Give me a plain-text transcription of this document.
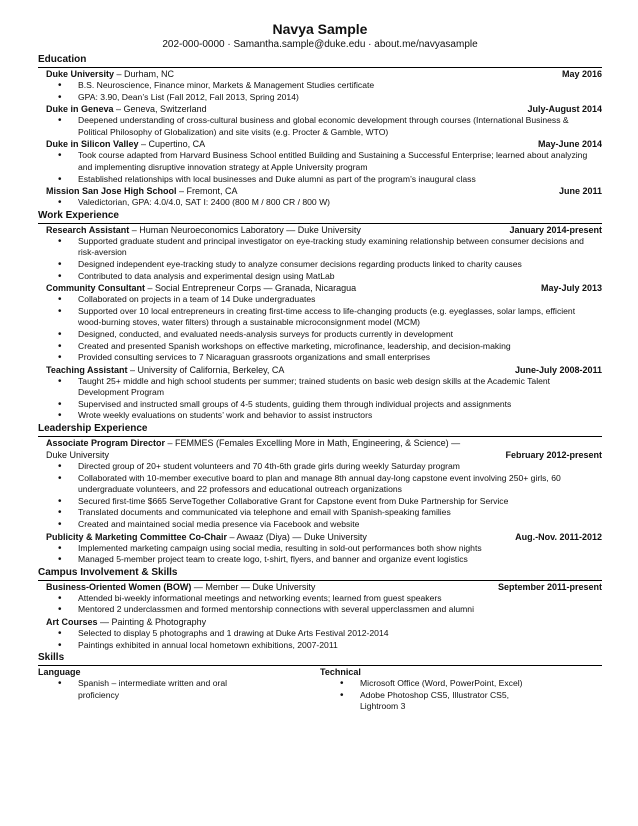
Navya Sample
202-000-0000 · Samantha.sample@duke.edu · about.me/navyasample
Education
Duke University – Durham, NC	May 2016
• B.S. Neuroscience, Finance minor, Markets & Management Studies certificate
• GPA: 3.90, Dean’s List (Fall 2012, Fall 2013, Spring 2014)
Duke in Geneva – Geneva, Switzerland	July-August 2014
• Deepened understanding of cross-cultural business and global economic development through courses (International Business & Political Philosophy of Globalization) and site visits (e.g. Procter & Gamble, WTO)
Duke in Silicon Valley – Cupertino, CA	May-June 2014
• Took course adapted from Harvard Business School entitled Building and Sustaining a Successful Enterprise; learned about analyzing and implementing disruptive innovation strategy at Apple University program
• Established relationships with local businesses and Duke alumni as part of the program’s inaugural class
Mission San Jose High School – Fremont, CA	June 2011
• Valedictorian, GPA: 4.0/4.0, SAT I: 2400 (800 M / 800 CR / 800 W)
Work Experience
Research Assistant – Human Neuroeconomics Laboratory — Duke University	January 2014-present
• Supported graduate student and principal investigator on eye-tracking study examining relationship between consumer decisions and risk-aversion
• Designed independent eye-tracking study to analyze consumer decisions regarding products linked to charity causes
• Contributed to data analysis and experimental design using MatLab
Community Consultant – Social Entrepreneur Corps — Granada, Nicaragua	May-July 2013
• Collaborated on projects in a team of 14 Duke undergraduates
• Supported over 10 local entrepreneurs in creating first-time access to life-changing products (e.g. eyeglasses, solar lamps, efficient wood-burning stoves, water filters) through a sustainable microconsignment model (MCM)
• Designed, conducted, and evaluated needs-analysis surveys for products currently in development
• Created and presented Spanish workshops on effective marketing, microfinance, leadership, and decision-making
• Provided consulting services to 7 Nicaraguan grassroots organizations and small enterprises
Teaching Assistant – University of California, Berkeley, CA	June-July 2008-2011
• Taught 25+ middle and high school students per summer; trained students on basic web design skills at the Academic Talent Development Program
• Supervised and instructed small groups of 4-5 students, guiding them through individual projects and assignments
• Wrote weekly evaluations on students’ work and behavior to assist instructors
Leadership Experience
Associate Program Director – FEMMES (Females Excelling More in Math, Engineering, & Science) —
Duke University	February 2012-present
• Directed group of 20+ student volunteers and 70 4th-6th grade girls during weekly Saturday program
• Collaborated with 10-member executive board to plan and manage 8th annual day-long capstone event involving 250+ girls, 60 undergraduate volunteers, and 22 professors and educational outreach organizations
• Secured first-time $665 ServeTogether Collaborative Grant for Capstone event from Duke Partnership for Service
• Translated documents and communicated via telephone and email with Spanish-speaking families
• Created and maintained social media presence via Facebook and website
Publicity & Marketing Committee Co-Chair – Awaaz (Diya) — Duke University	Aug.-Nov. 2011-2012
• Implemented marketing campaign using social media, resulting in sold-out performances both show nights
• Managed 5-member project team to create logo, t-shirt, flyers, and banner and organize event logistics
Campus Involvement & Skills
Business-Oriented Women (BOW) — Member — Duke University	September 2011-present
• Attended bi-weekly informational meetings and networking events; learned from guest speakers
• Mentored 2 underclassmen and formed mentorship connections with several upperclassmen and alumni
Art Courses — Painting & Photography
• Selected to display 5 photographs and 1 drawing at Duke Arts Festival 2012-2014
• Paintings exhibited in annual local hometown exhibitions, 2007-2011
Skills
Language
• Spanish – intermediate written and oral proficiency
Technical
• Microsoft Office (Word, PowerPoint, Excel)
• Adobe Photoshop CS5, Illustrator CS5, Lightroom 3
